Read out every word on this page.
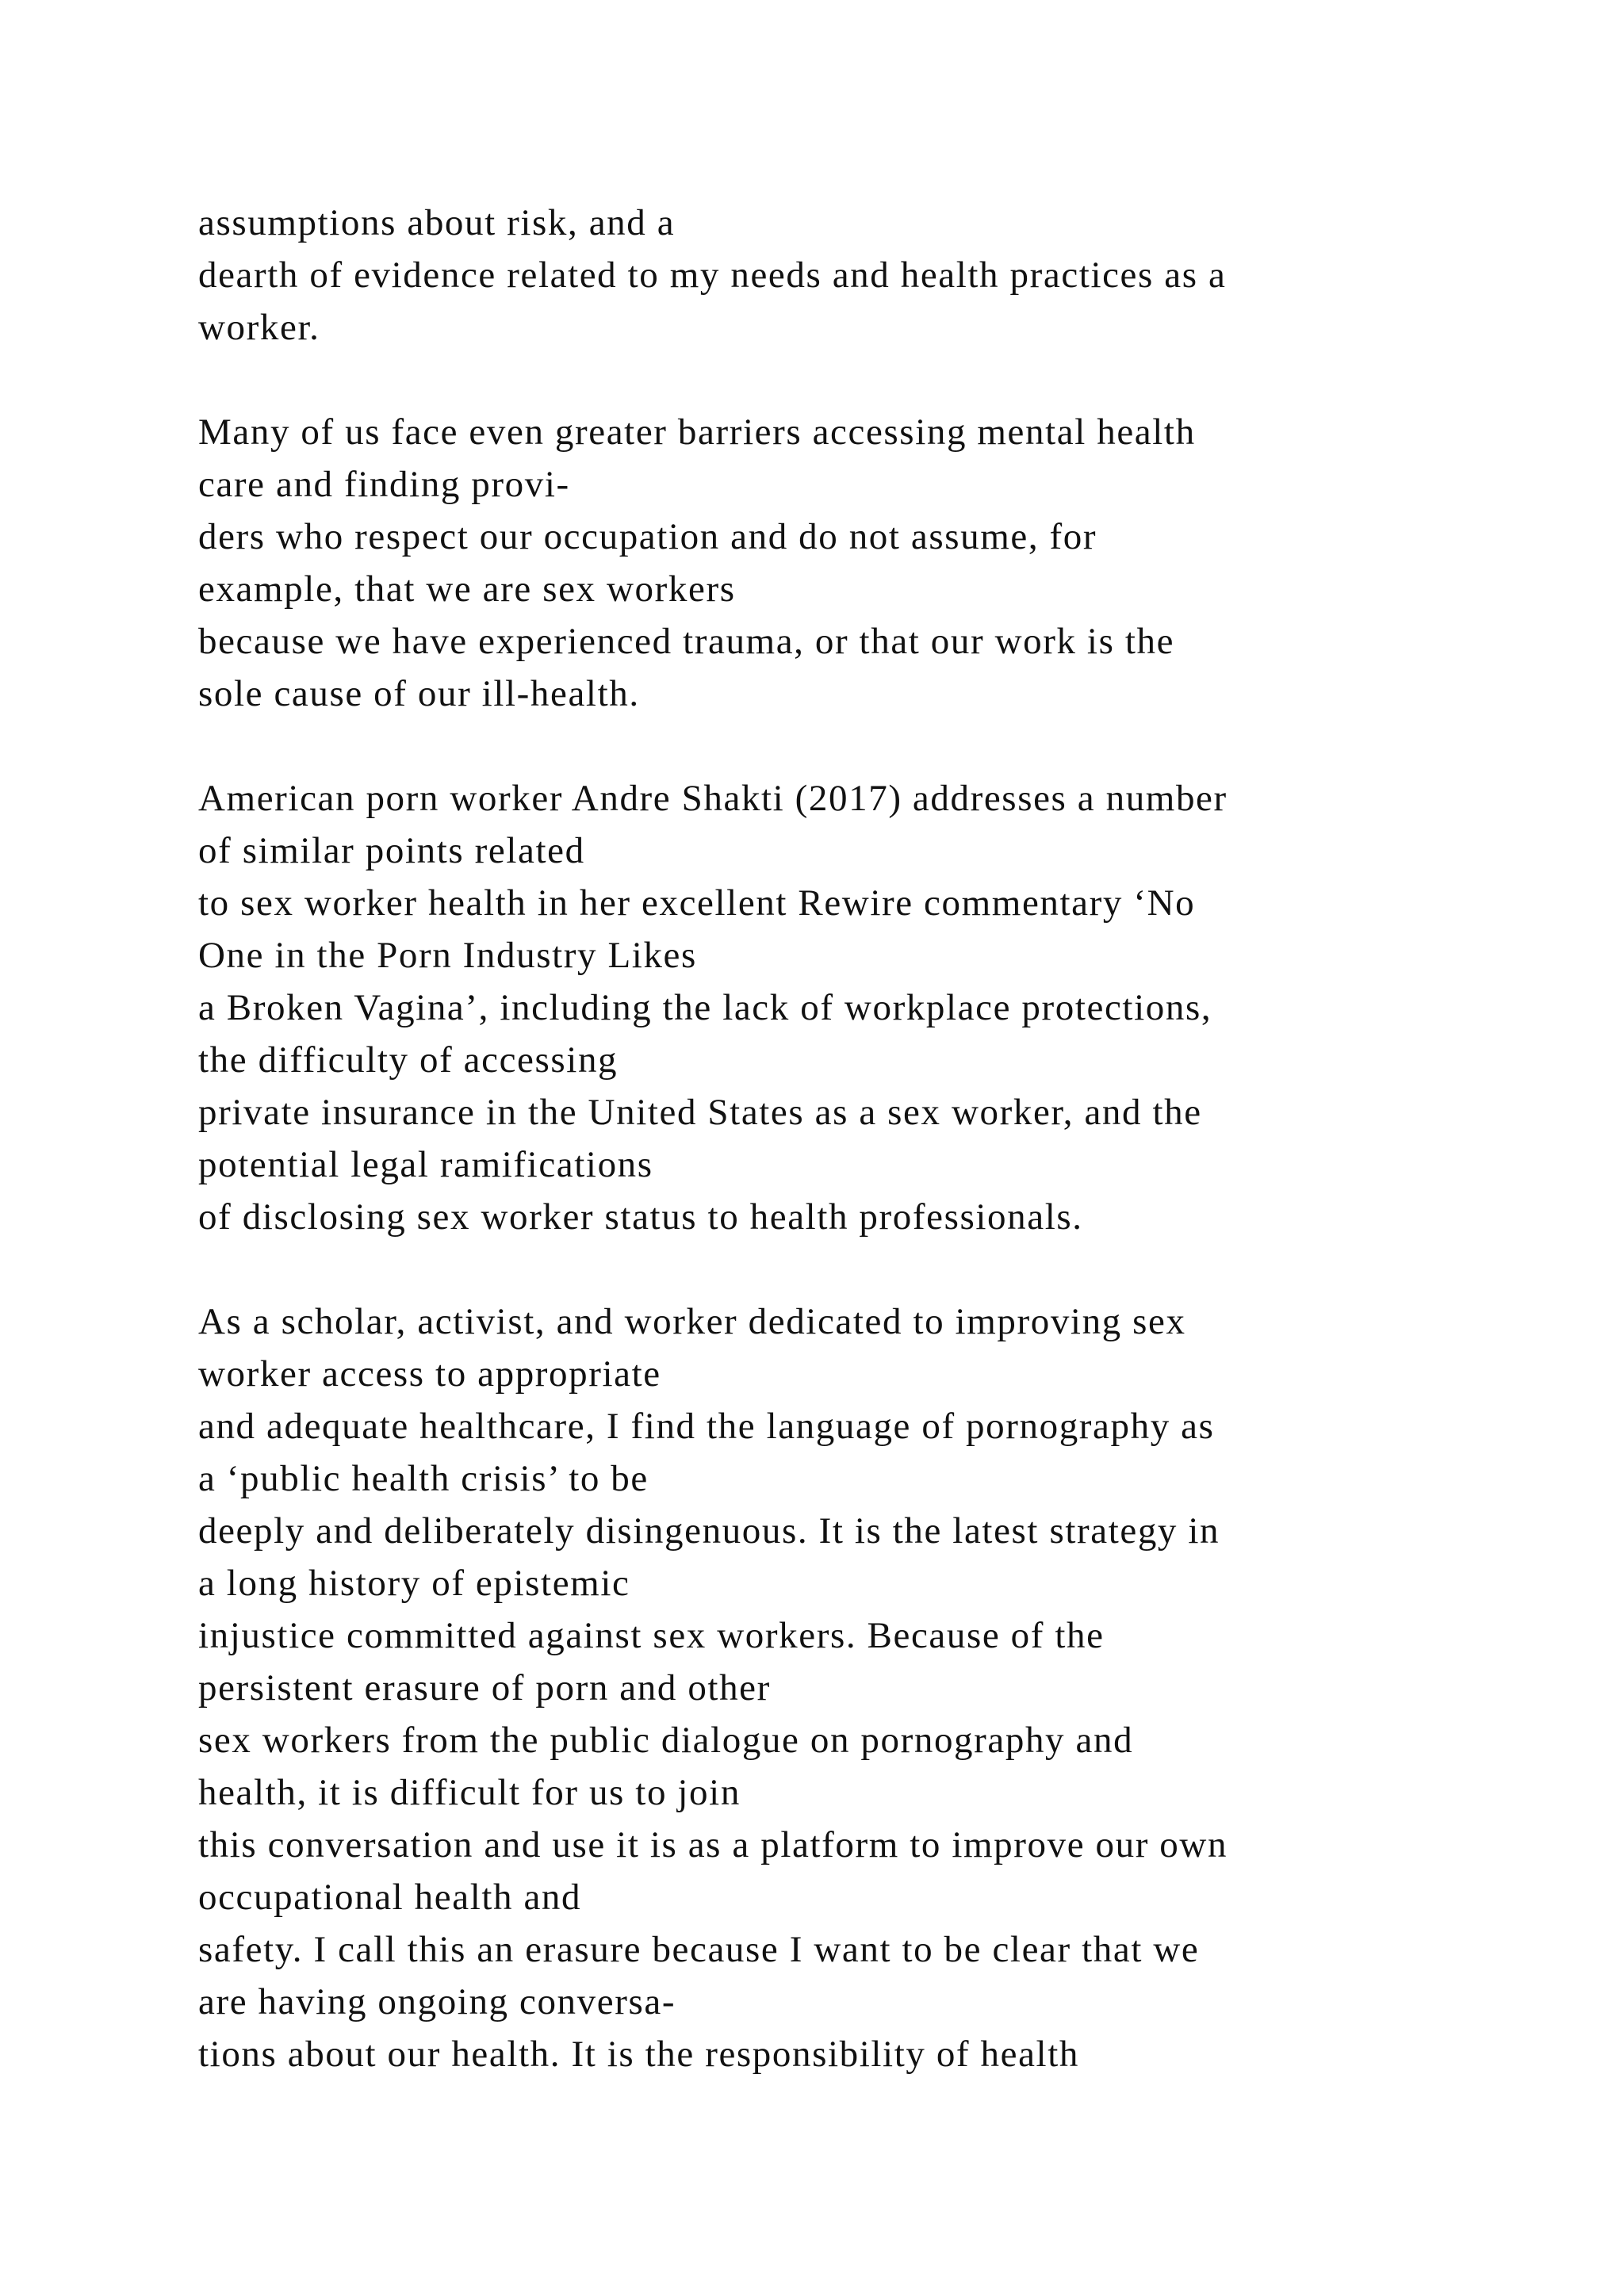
assumptions about risk, and a
dearth of evidence related to my needs and health practices as a
worker.
Many of us face even greater barriers accessing mental health
care and finding provi-
ders who respect our occupation and do not assume, for
example, that we are sex workers
because we have experienced trauma, or that our work is the
sole cause of our ill-health.
American porn worker Andre Shakti (2017) addresses a number
of similar points related
to sex worker health in her excellent Rewire commentary ‘No
One in the Porn Industry Likes
a Broken Vagina’, including the lack of workplace protections,
the difficulty of accessing
private insurance in the United States as a sex worker, and the
potential legal ramifications
of disclosing sex worker status to health professionals.
As a scholar, activist, and worker dedicated to improving sex
worker access to appropriate
and adequate healthcare, I find the language of pornography as
a ‘public health crisis’ to be
deeply and deliberately disingenuous. It is the latest strategy in
a long history of epistemic
injustice committed against sex workers. Because of the
persistent erasure of porn and other
sex workers from the public dialogue on pornography and
health, it is difficult for us to join
this conversation and use it is as a platform to improve our own
occupational health and
safety. I call this an erasure because I want to be clear that we
are having ongoing conversa-
tions about our health. It is the responsibility of health
